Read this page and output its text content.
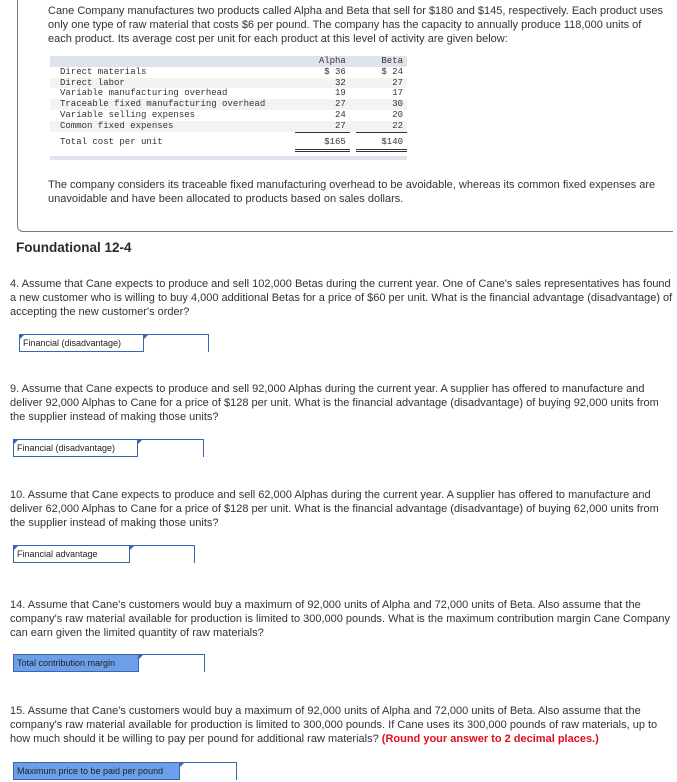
Cane Company manufactures two products called Alpha and Beta that sell for $180 and $145, respectively. Each product uses only one type of raw material that costs $6 per pound. The company has the capacity to annually produce 118,000 units of each product. Its average cost per unit for each product at this level of activity are given below:

	Alpha		Beta
Direct materials	$ 36		$ 24
Direct labor	32		27
Variable manufacturing overhead	19		17
Traceable fixed manufacturing overhead	27		30
Variable selling expenses	24		20
Common fixed expenses	27		22
Total cost per unit	$165		$140

The company considers its traceable fixed manufacturing overhead to be avoidable, whereas its common fixed expenses are unavoidable and have been allocated to products based on sales dollars.

Foundational 12-4

4. Assume that Cane expects to produce and sell 102,000 Betas during the current year. One of Cane's sales representatives has found a new customer who is willing to buy 4,000 additional Betas for a price of $60 per unit. What is the financial advantage (disadvantage) of accepting the new customer's order?

Financial (disadvantage)

9. Assume that Cane expects to produce and sell 92,000 Alphas during the current year. A supplier has offered to manufacture and deliver 92,000 Alphas to Cane for a price of $128 per unit. What is the financial advantage (disadvantage) of buying 92,000 units from the supplier instead of making those units?

Financial (disadvantage)

10. Assume that Cane expects to produce and sell 62,000 Alphas during the current year. A supplier has offered to manufacture and deliver 62,000 Alphas to Cane for a price of $128 per unit. What is the financial advantage (disadvantage) of buying 62,000 units from the supplier instead of making those units?

Financial advantage

14. Assume that Cane's customers would buy a maximum of 92,000 units of Alpha and 72,000 units of Beta. Also assume that the company's raw material available for production is limited to 300,000 pounds. What is the maximum contribution margin Cane Company can earn given the limited quantity of raw materials?

Total contribution margin

15. Assume that Cane's customers would buy a maximum of 92,000 units of Alpha and 72,000 units of Beta. Also assume that the company's raw material available for production is limited to 300,000 pounds. If Cane uses its 300,000 pounds of raw materials, up to how much should it be willing to pay per pound for additional raw materials? (Round your answer to 2 decimal places.)

Maximum price to be paid per pound
